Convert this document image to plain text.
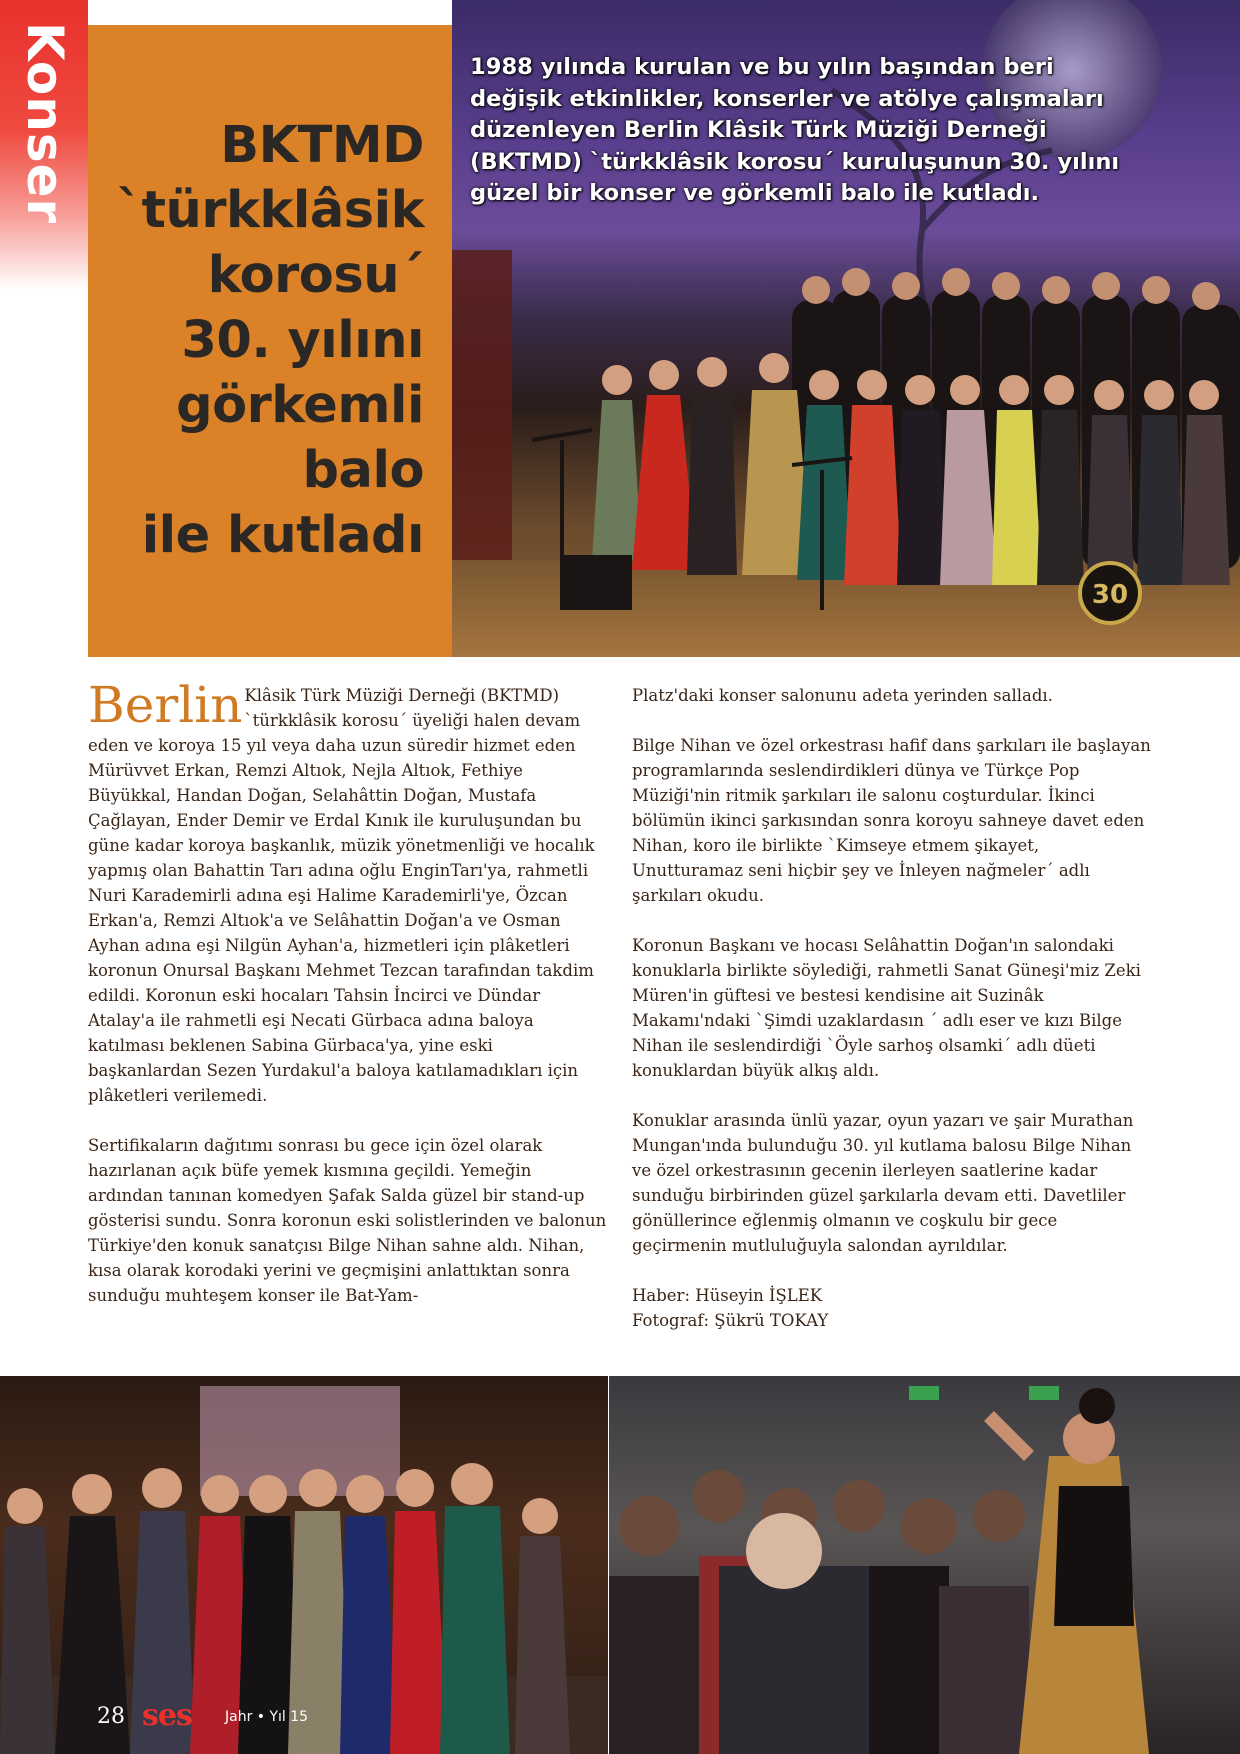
Konser	BKTMD
`türkklâsik
korosu´
30. yılını
görkemli
balo
ile kutladı
30

1988 yılında kurulan ve bu yılın başından beri değişik etkinlikler, konserler ve atölye çalışmaları düzenleyen Berlin Klâsik Türk Müziği Derneği (BKTMD) `türkklâsik korosu´ kuruluşunun 30. yılını güzel bir konser ve görkemli balo ile kutladı.

Berlin Klâsik Türk Müziği Derneği (BKTMD) `türkklâsik korosu´ üyeliği halen devam eden ve koroya 15 yıl veya daha uzun süredir hizmet eden Mürüvvet Erkan, Remzi Altıok, Nejla Altıok, Fethiye Büyükkal, Handan Doğan, Selahâttin Doğan, Mustafa Çağlayan, Ender Demir ve Erdal Kınık ile kuruluşundan bu güne kadar koroya başkanlık, müzik yönetmenliği ve hocalık yapmış olan Bahattin Tarı adına oğlu EnginTarı'ya, rahmetli Nuri Karademirli adına eşi Halime Karademirli'ye, Özcan Erkan'a, Remzi Altıok'a ve Selâhattin Doğan'a ve Osman Ayhan adına eşi Nilgün Ayhan'a, hizmetleri için plâketleri koronun Onursal Başkanı Mehmet Tezcan tarafından takdim edildi. Koronun eski hocaları Tahsin İncirci ve Dündar Atalay'a ile rahmetli eşi Necati Gürbaca adına baloya katılması beklenen Sabina Gürbaca'ya, yine eski başkanlardan Sezen Yurdakul'a baloya katılamadıkları için plâketleri verilemedi.

Sertifikaların dağıtımı sonrası bu gece için özel olarak hazırlanan açık büfe yemek kısmına geçildi. Yemeğin ardından tanınan komedyen Şafak Salda güzel bir stand-up gösterisi sundu. Sonra koronun eski solistlerinden ve balonun Türkiye'den konuk sanatçısı Bilge Nihan sahne aldı. Nihan, kısa olarak korodaki yerini ve geçmişini anlattıktan sonra sunduğu muhteşem konser ile Bat-Yam-

Platz'daki konser salonunu adeta yerinden salladı.

Bilge Nihan ve özel orkestrası hafif dans şarkıları ile başlayan programlarında seslendirdikleri dünya ve Türkçe Pop Müziği'nin ritmik şarkıları ile salonu coşturdular. İkinci bölümün ikinci şarkısından sonra koroyu sahneye davet eden Nihan, koro ile birlikte `Kimseye etmem şikayet, Unutturamaz seni hiçbir şey ve İnleyen nağmeler´ adlı şarkıları okudu.

Koronun Başkanı ve hocası Selâhattin Doğan'ın salondaki konuklarla birlikte söylediği, rahmetli Sanat Güneşi'miz Zeki Müren'in güftesi ve bestesi kendisine ait Suzinâk Makamı'ndaki `Şimdi uzaklardasın ´ adlı eser ve kızı Bilge Nihan ile seslendirdiği `Öyle sarhoş olsamki´ adlı düeti konuklardan büyük alkış aldı.

Konuklar arasında ünlü yazar, oyun yazarı ve şair Murathan Mungan'ında bulunduğu 30. yıl kutlama balosu Bilge Nihan ve özel orkestrasının gecenin ilerleyen saatlerine kadar sunduğu birbirinden güzel şarkılarla devam etti. Davetliler gönüllerince eğlenmiş olmanın ve coşkulu bir gece geçirmenin mutluluğuyla salondan ayrıldılar.

Haber: Hüseyin İŞLEK

Fotograf: Şükrü TOKAY

28 ses Jahr • Yıl 15
